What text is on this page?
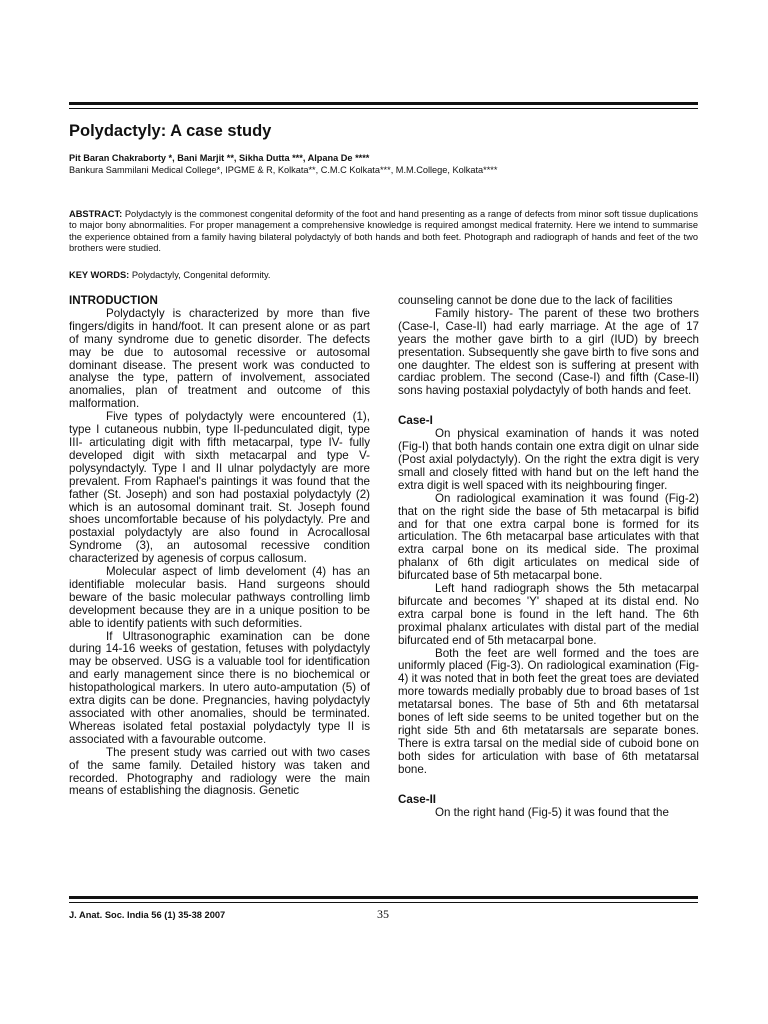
Polydactyly: A case study
Pit Baran Chakraborty *, Bani Marjit **, Sikha Dutta ***, Alpana De ****
Bankura Sammilani Medical College*, IPGME & R, Kolkata**, C.M.C Kolkata***, M.M.College, Kolkata****
ABSTRACT: Polydactyly is the commonest congenital deformity of the foot and hand presenting as a range of defects from minor soft tissue duplications to major bony abnormalities. For proper management a comprehensive knowledge is required amongst medical fraternity. Here we intend to summarise the experience obtained from a family having bilateral polydactyly of both hands and both feet. Photograph and radiograph of hands and feet of the two brothers were studied.
KEY WORDS: Polydactyly, Congenital deformity.
INTRODUCTION

Polydactyly is characterized by more than five fingers/digits in hand/foot. It can present alone or as part of many syndrome due to genetic disorder. The defects may be due to autosomal recessive or autosomal dominant disease. The present work was conducted to analyse the type, pattern of involvement, associated anomalies, plan of treatment and outcome of this malformation.

Five types of polydactyly were encountered (1), type I cutaneous nubbin, type II-pedunculated digit, type III- articulating digit with fifth metacarpal, type IV- fully developed digit with sixth metacarpal and type V- polysyndactyly. Type I and II ulnar polydactyly are more prevalent. From Raphael's paintings it was found that the father (St. Joseph) and son had postaxial polydactyly (2) which is an autosomal dominant trait. St. Joseph found shoes uncomfortable because of his polydactyly. Pre and postaxial polydactyly are also found in Acrocallosal Syndrome (3), an autosomal recessive condition characterized by agenesis of corpus callosum.

Molecular aspect of limb develoment (4) has an identifiable molecular basis. Hand surgeons should beware of the basic molecular pathways controlling limb development because they are in a unique position to be able to identify patients with such deformities.

If Ultrasonographic examination can be done during 14-16 weeks of gestation, fetuses with polydactyly may be observed. USG is a valuable tool for identification and early management since there is no biochemical or histopathological markers. In utero auto-amputation (5) of extra digits can be done. Pregnancies, having polydactyly associated with other anomalies, should be terminated. Whereas isolated fetal postaxial polydactyly type II is associated with a favourable outcome.

The present study was carried out with two cases of the same family. Detailed history was taken and recorded. Photography and radiology were the main means of establishing the diagnosis. Genetic

counseling cannot be done due to the lack of facilities

Family history- The parent of these two brothers (Case-I, Case-II) had early marriage. At the age of 17 years the mother gave birth to a girl (IUD) by breech presentation. Subsequently she gave birth to five sons and one daughter. The eldest son is suffering at present with cardiac problem. The second (Case-I) and fifth (Case-II) sons having postaxial polydactyly of both hands and feet.

Case-I

On physical examination of hands it was noted (Fig-I) that both hands contain one extra digit on ulnar side (Post axial polydactyly). On the right the extra digit is very small and closely fitted with hand but on the left hand the extra digit is well spaced with its neighbouring finger.

On radiological examination it was found (Fig-2) that on the right side the base of 5th metacarpal is bifid and for that one extra carpal bone is formed for its articulation. The 6th metacarpal base articulates with that extra carpal bone on its medical side. The proximal phalanx of 6th digit articulates on medical side of bifurcated base of 5th metacarpal bone.

Left hand radiograph shows the 5th metacarpal bifurcate and becomes 'Y' shaped at its distal end. No extra carpal bone is found in the left hand. The 6th proximal phalanx articulates with distal part of the medial bifurcated end of 5th metacarpal bone.

Both the feet are well formed and the toes are uniformly placed (Fig-3). On radiological examination (Fig-4) it was noted that in both feet the great toes are deviated more towards medially probably due to broad bases of 1st metatarsal bones. The base of 5th and 6th metatarsal bones of left side seems to be united together but on the right side 5th and 6th metatarsals are separate bones. There is extra tarsal on the medial side of cuboid bone on both sides for articulation with base of 6th metatarsal bone.

Case-II

On the right hand (Fig-5) it was found that the

J. Anat. Soc. India 56 (1) 35-38 2007	35
